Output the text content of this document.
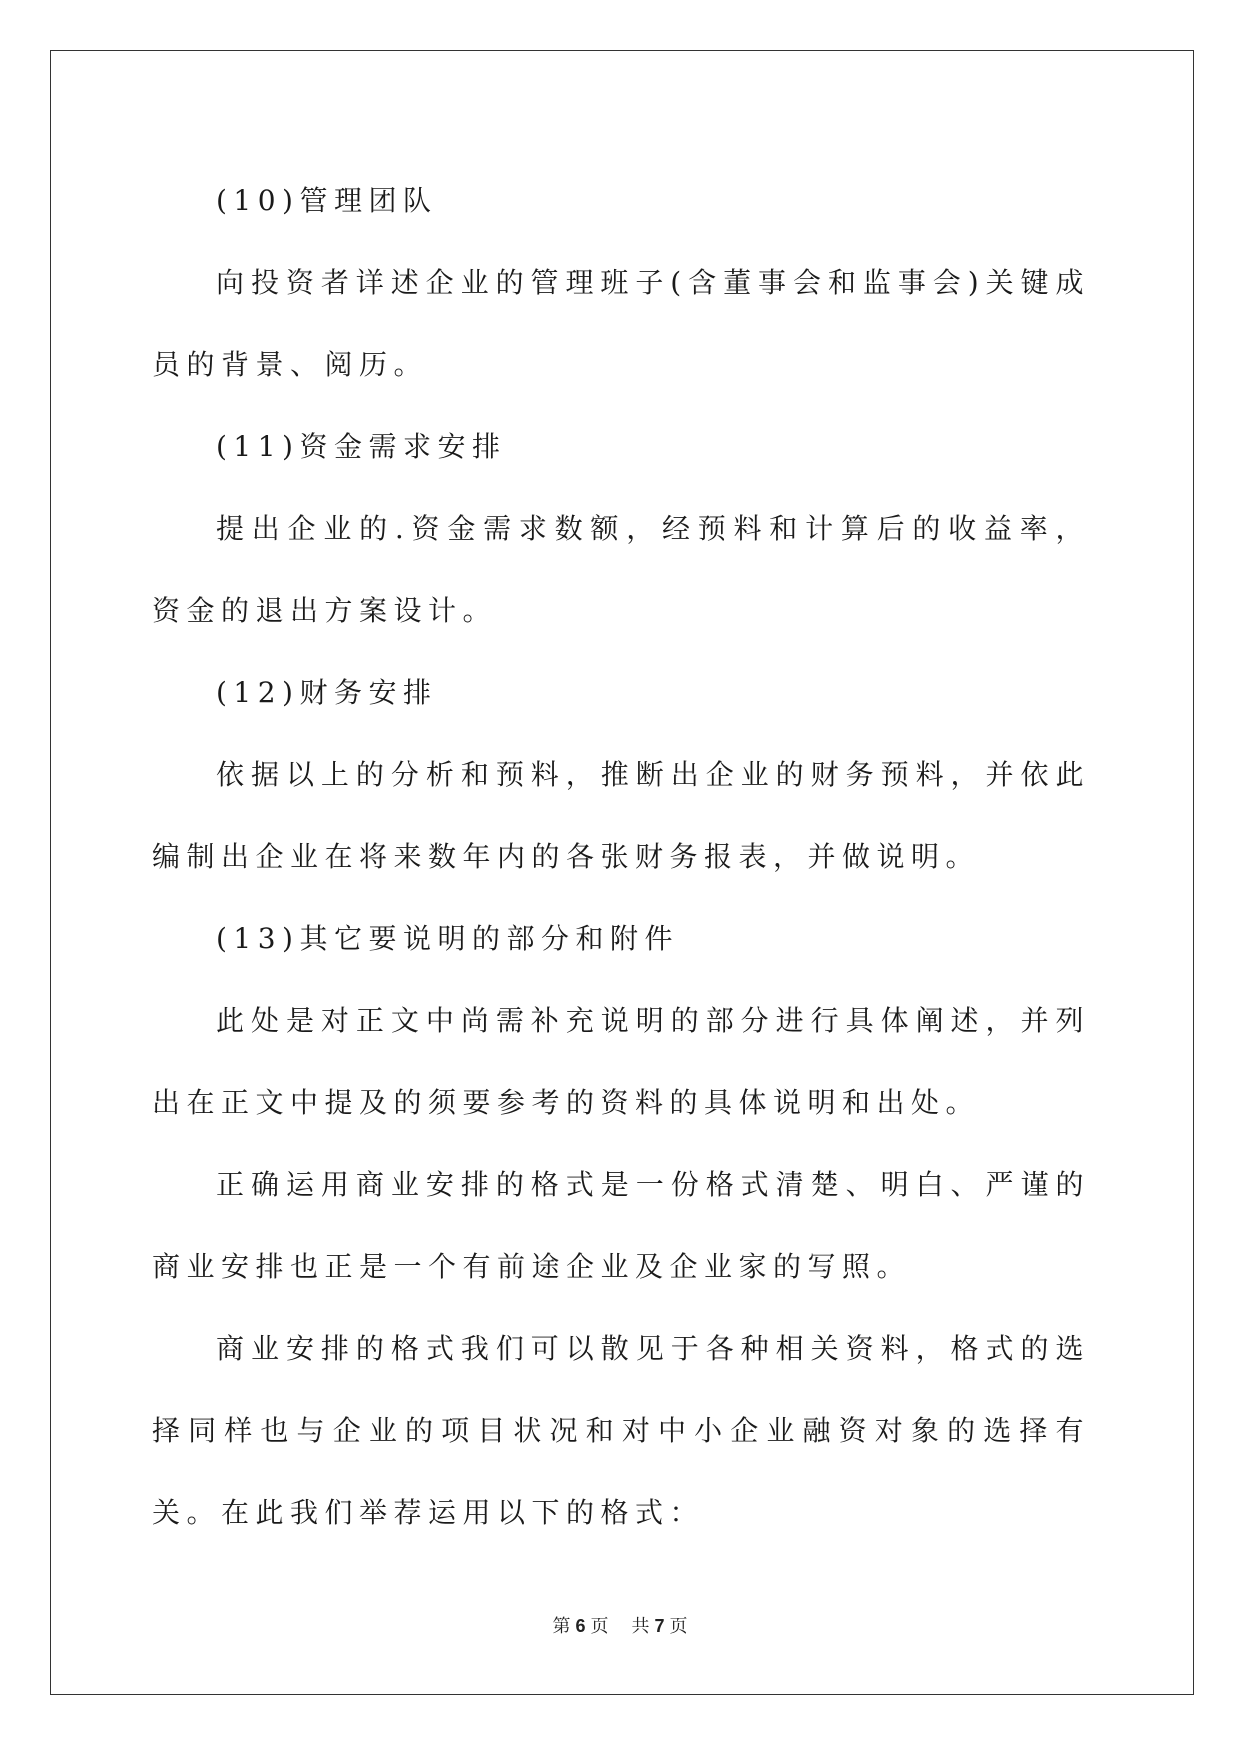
(10)管理团队

向投资者详述企业的管理班子(含董事会和监事会)关键成员的背景、阅历。

(11)资金需求安排

提出企业的.资金需求数额，经预料和计算后的收益率，资金的退出方案设计。

(12)财务安排

依据以上的分析和预料，推断出企业的财务预料，并依此编制出企业在将来数年内的各张财务报表，并做说明。

(13)其它要说明的部分和附件

此处是对正文中尚需补充说明的部分进行具体阐述，并列出在正文中提及的须要参考的资料的具体说明和出处。

正确运用商业安排的格式是一份格式清楚、明白、严谨的商业安排也正是一个有前途企业及企业家的写照。

商业安排的格式我们可以散见于各种相关资料，格式的选择同样也与企业的项目状况和对中小企业融资对象的选择有关。在此我们举荐运用以下的格式：

第 6 页 共 7 页
